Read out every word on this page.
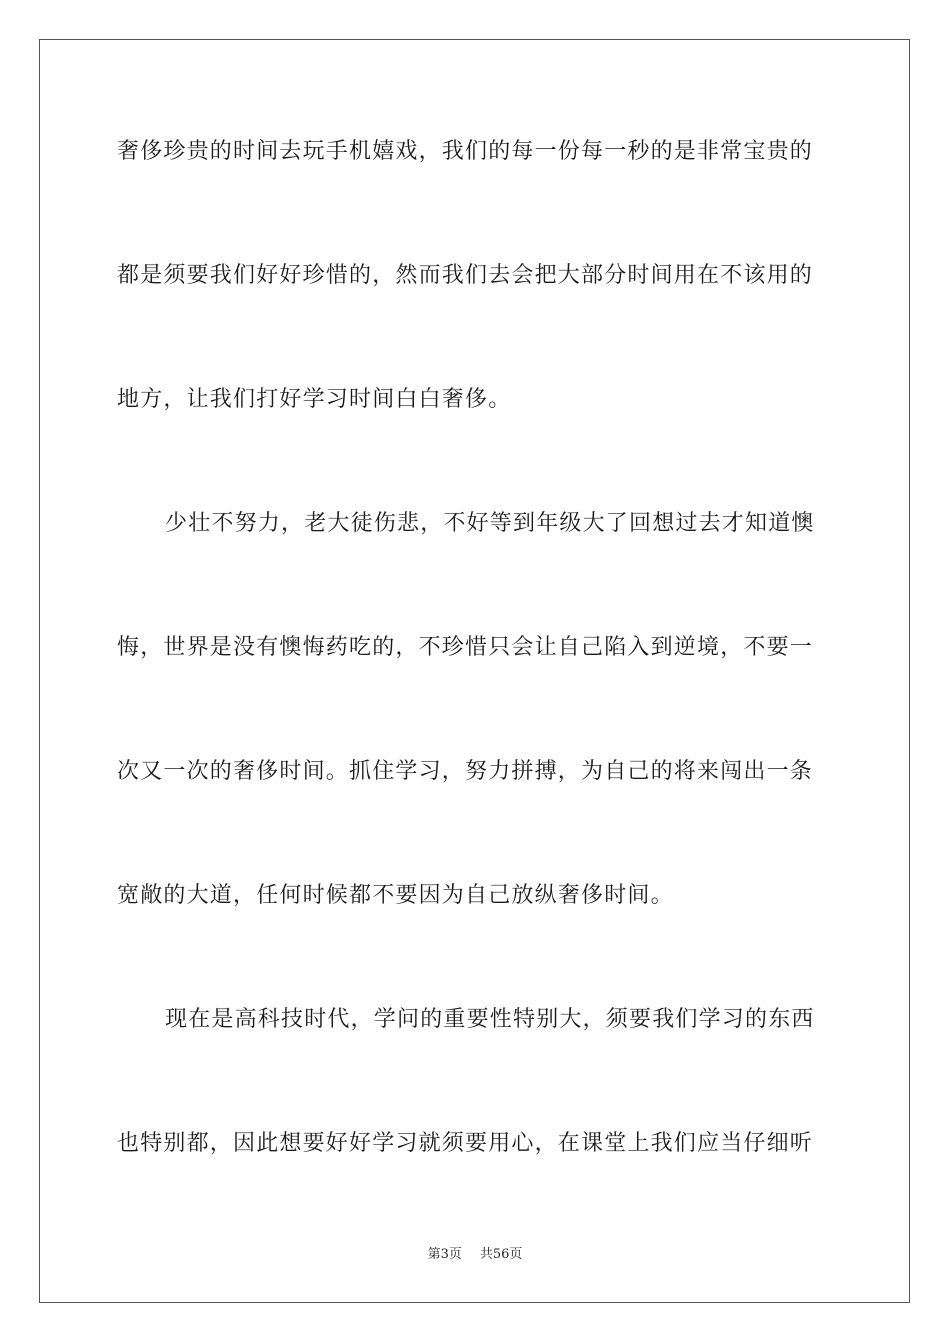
奢侈珍贵的时间去玩手机嬉戏，我们的每一份每一秒的是非常宝贵的
都是须要我们好好珍惜的，然而我们去会把大部分时间用在不该用的
地方，让我们打好学习时间白白奢侈。
少壮不努力，老大徒伤悲，不好等到年级大了回想过去才知道懊
悔，世界是没有懊悔药吃的，不珍惜只会让自己陷入到逆境，不要一
次又一次的奢侈时间。抓住学习，努力拼搏，为自己的将来闯出一条
宽敞的大道，任何时候都不要因为自己放纵奢侈时间。
现在是高科技时代，学问的重要性特别大，须要我们学习的东西
也特别都，因此想要好好学习就须要用心，在课堂上我们应当仔细听
第3页 共56页
